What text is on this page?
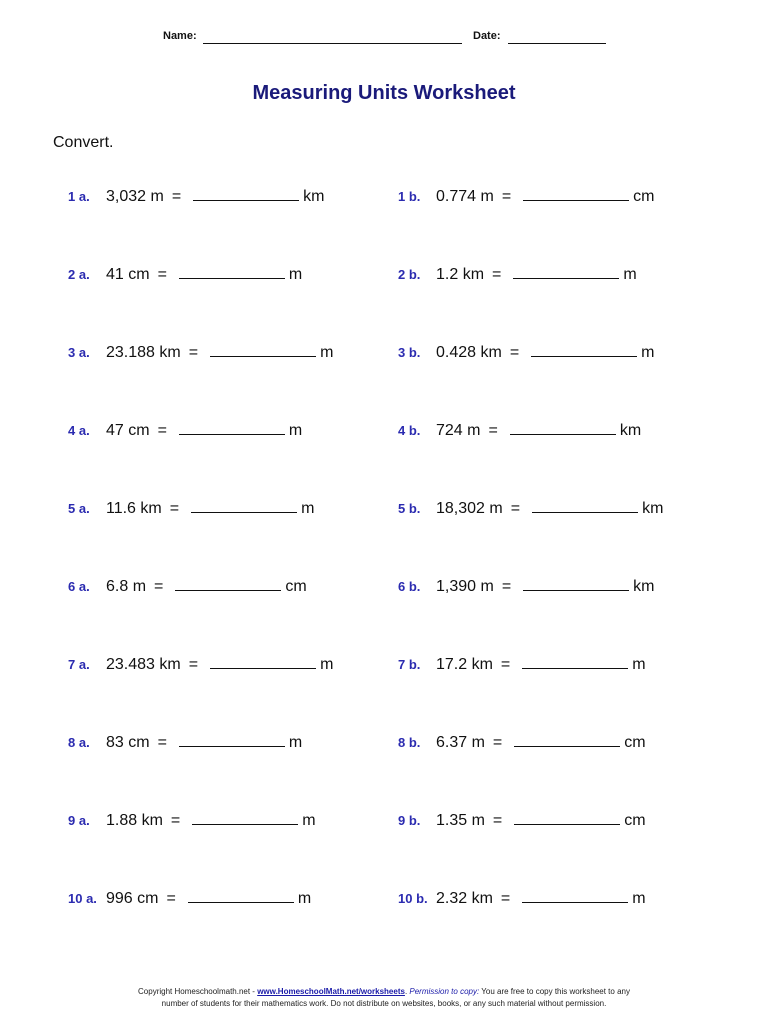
Name:	Date:
Measuring Units Worksheet
Convert.
1 a. 3,032 m =	km
2 a. 41 cm =	m
3 a. 23.188 km =	m
4 a. 47 cm =	m
5 a. 11.6 km =	m
6 a. 6.8 m =	cm
7 a. 23.483 km =	m
8 a. 83 cm =	m
9 a. 1.88 km =	m
10 a. 996 cm =	m
1 b. 0.774 m =	cm
2 b. 1.2 km =	m
3 b. 0.428 km =	m
4 b. 724 m =	km
5 b. 18,302 m =	km
6 b. 1,390 m =	km
7 b. 17.2 km =	m
8 b. 6.37 m =	cm
9 b. 1.35 m =	cm
10 b. 2.32 km =	m
Copyright Homeschoolmath.net - www.HomeschoolMath.net/worksheets. Permission to copy: You are free to copy this worksheet to any
number of students for their mathematics work. Do not distribute on websites, books, or any such material without permission.
